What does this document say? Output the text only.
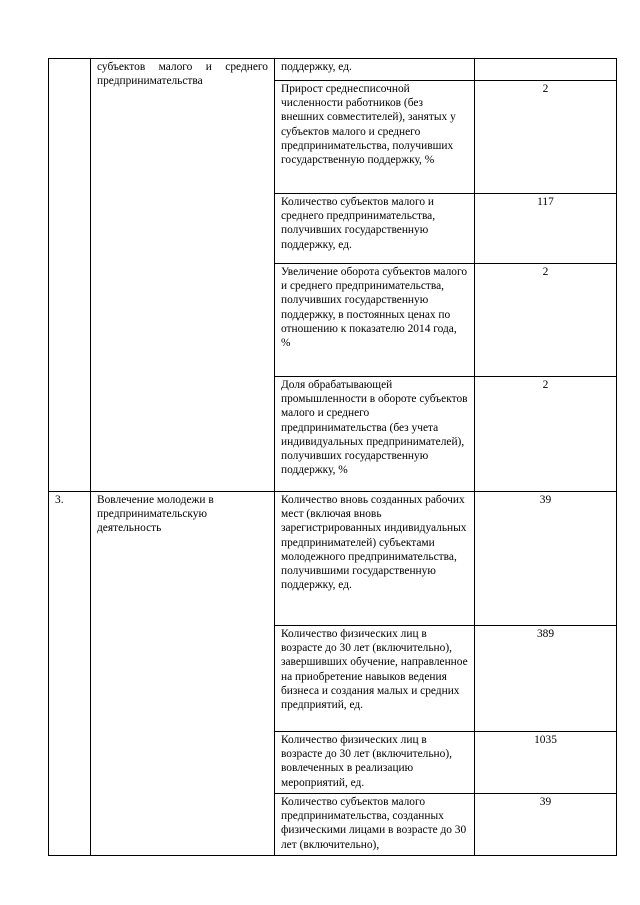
	субъектов малого и среднего предпринимательства	поддержку, ед.	
		Прирост среднесписочной численности работников (без внешних совместителей), занятых у субъектов малого и среднего предпринимательства, получивших государственную поддержку, %	2
		Количество субъектов малого и среднего предпринимательства, получивших государственную поддержку, ед.	117
		Увеличение оборота субъектов малого и среднего предпринимательства, получивших государственную поддержку, в постоянных ценах по отношению к показателю 2014 года, %	2
		Доля обрабатывающей промышленности в обороте субъектов малого и среднего предпринимательства (без учета индивидуальных предпринимателей), получивших государственную поддержку, %	2
3.	Вовлечение молодежи в предпринимательскую деятельность	Количество вновь созданных рабочих мест (включая вновь зарегистрированных индивидуальных предпринимателей) субъектами молодежного предпринимательства, получившими государственную поддержку, ед.	39
		Количество физических лиц в возрасте до 30 лет (включительно), завершивших обучение, направленное на приобретение навыков ведения бизнеса и создания малых и средних предприятий, ед.	389
		Количество физических лиц в возрасте до 30 лет (включительно), вовлеченных в реализацию мероприятий, ед.	1035
		Количество субъектов малого предпринимательства, созданных физическими лицами в возрасте до 30 лет (включительно),	39
